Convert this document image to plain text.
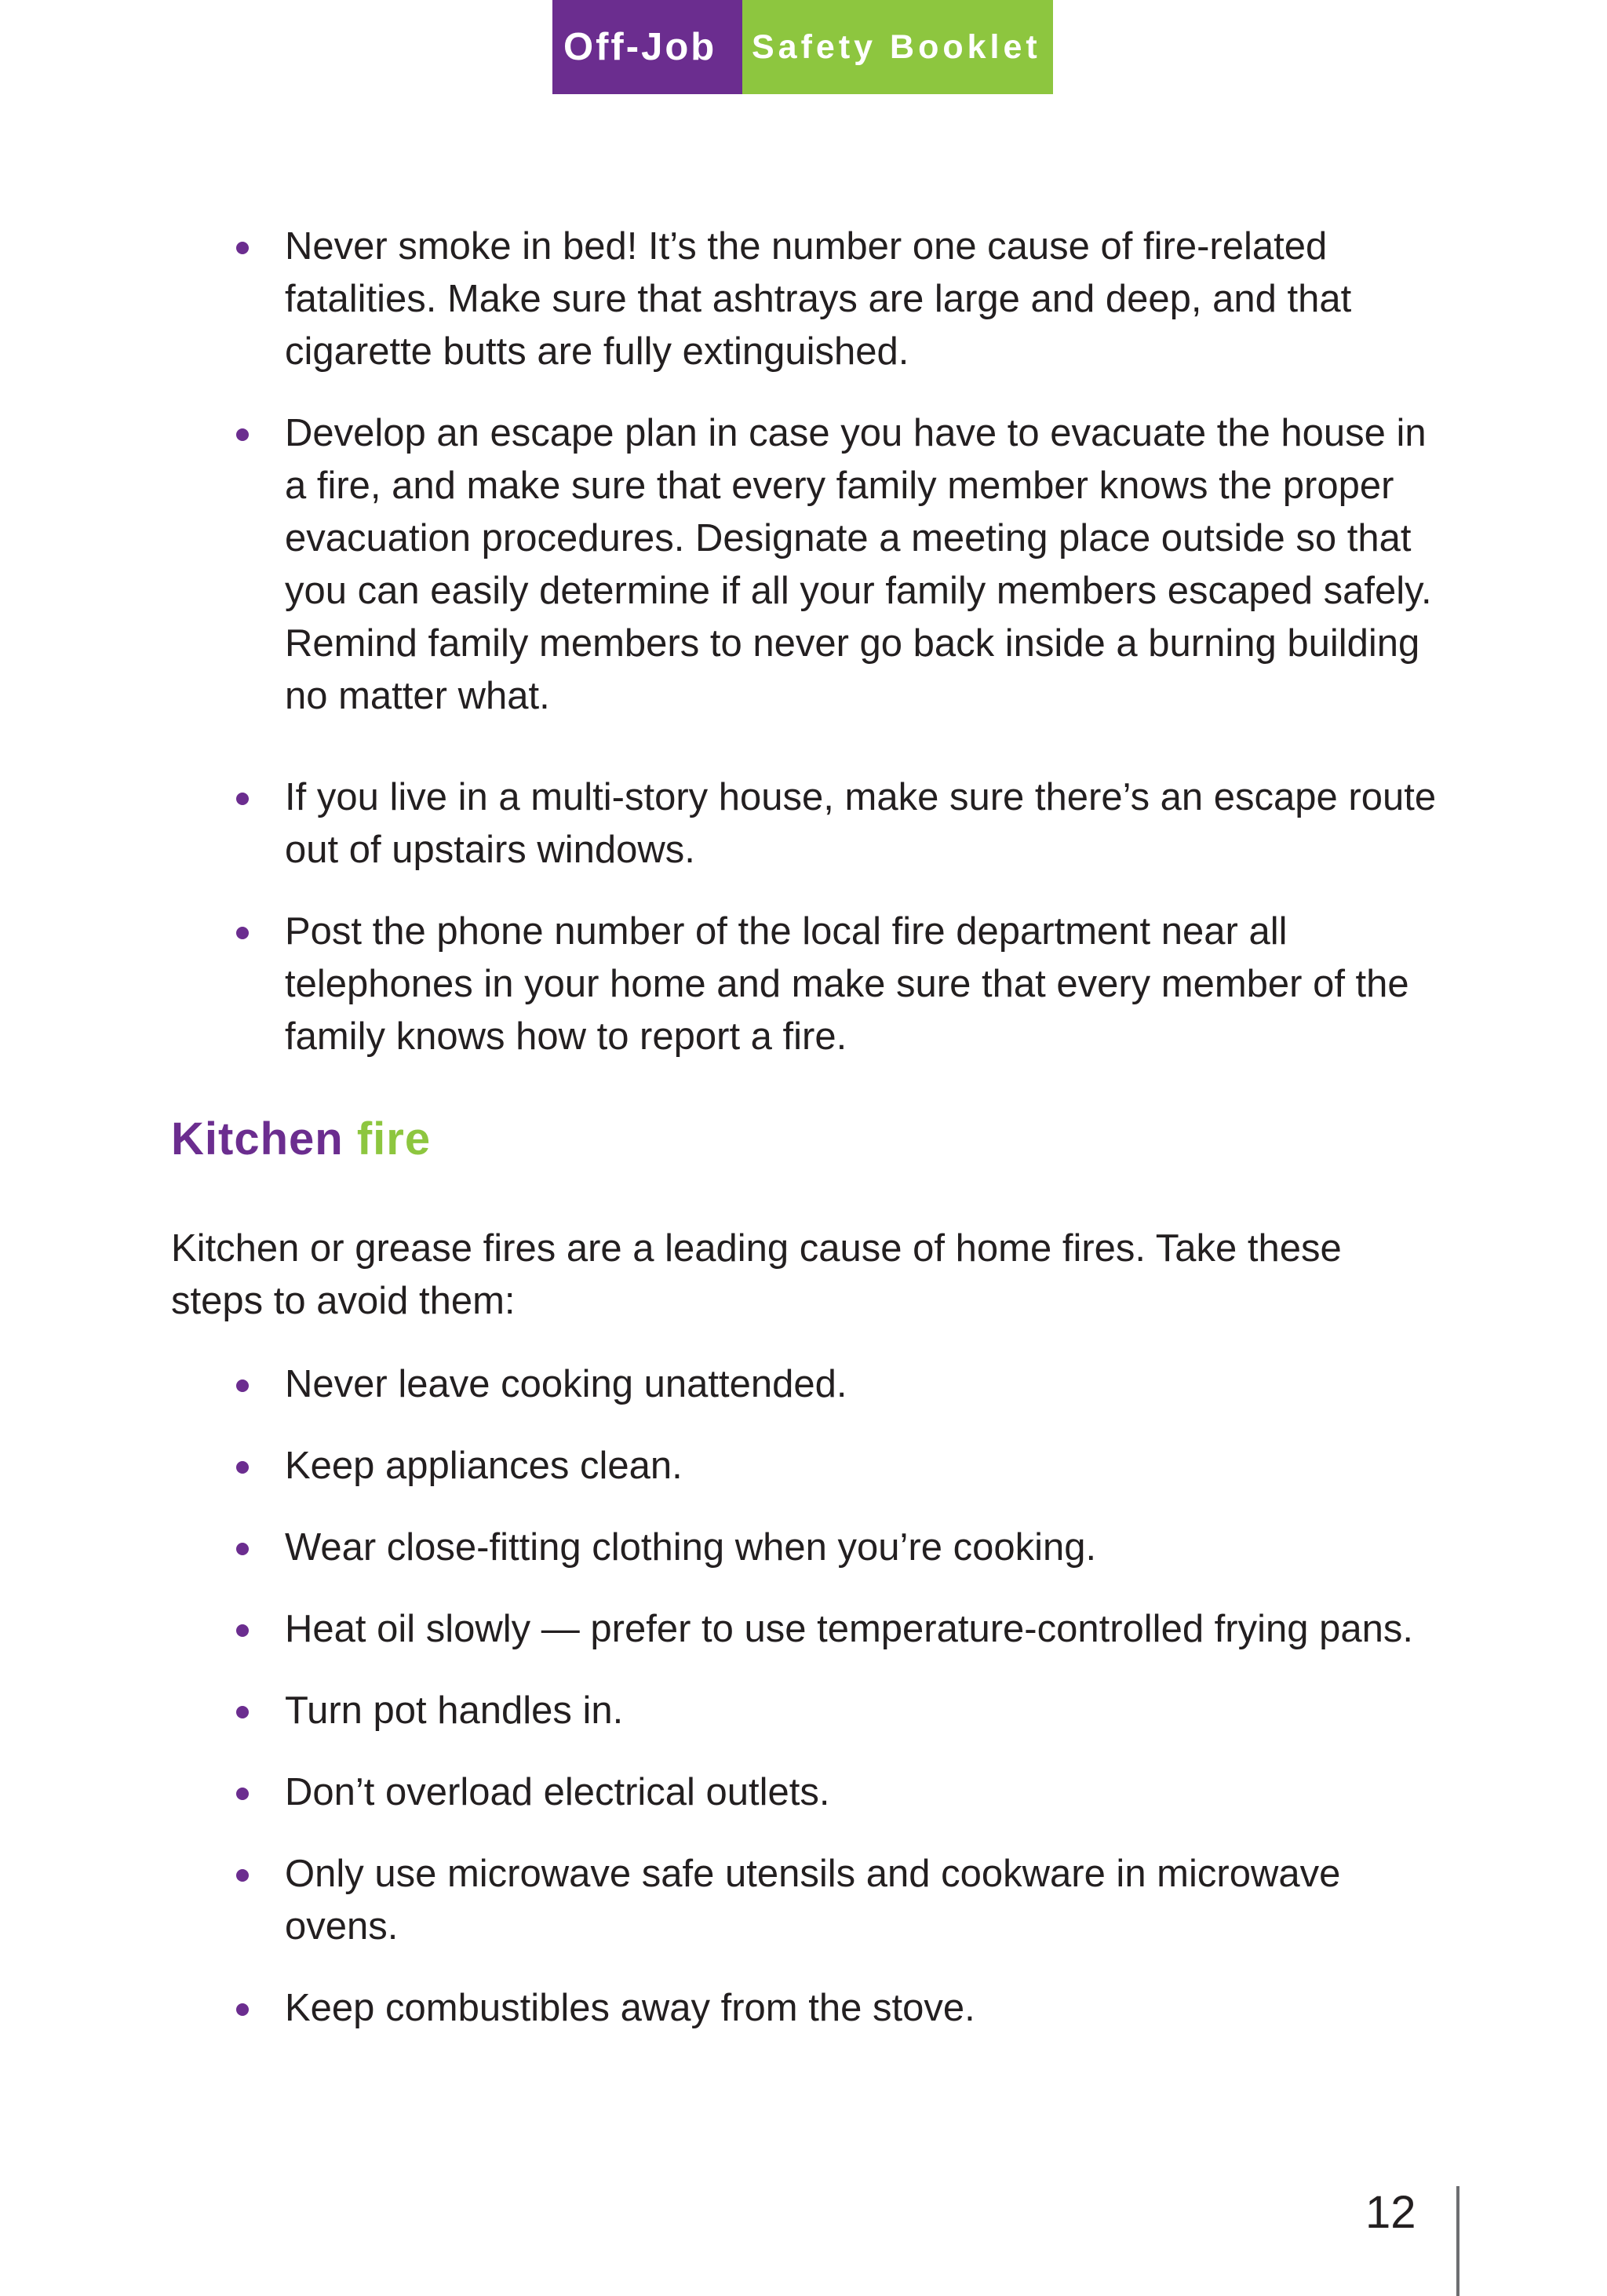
Off-Job	Safety Booklet
Never smoke in bed! It’s the number one cause of fire-related fatalities. Make sure that ashtrays are large and deep, and that cigarette butts are fully extinguished.
Develop an escape plan in case you have to evacuate the house in a fire, and make sure that every family member knows the proper evacuation procedures. Designate a meeting place outside so that you can easily determine if all your family members escaped safely. Remind family members to never go back inside a burning building no matter what.
If you live in a multi-story house, make sure there’s an escape route out of upstairs windows.
Post the phone number of the local fire department near all telephones in your home and make sure that every member of the family knows how to report a fire.
Kitchen fire

Kitchen or grease fires are a leading cause of home fires. Take these steps to avoid them:

Never leave cooking unattended.
Keep appliances clean.
Wear close-fitting clothing when you’re cooking.
Heat oil slowly — prefer to use temperature-controlled frying pans.
Turn pot handles in.
Don’t overload electrical outlets.
Only use microwave safe utensils and cookware in microwave ovens.
Keep combustibles away from the stove.
12
